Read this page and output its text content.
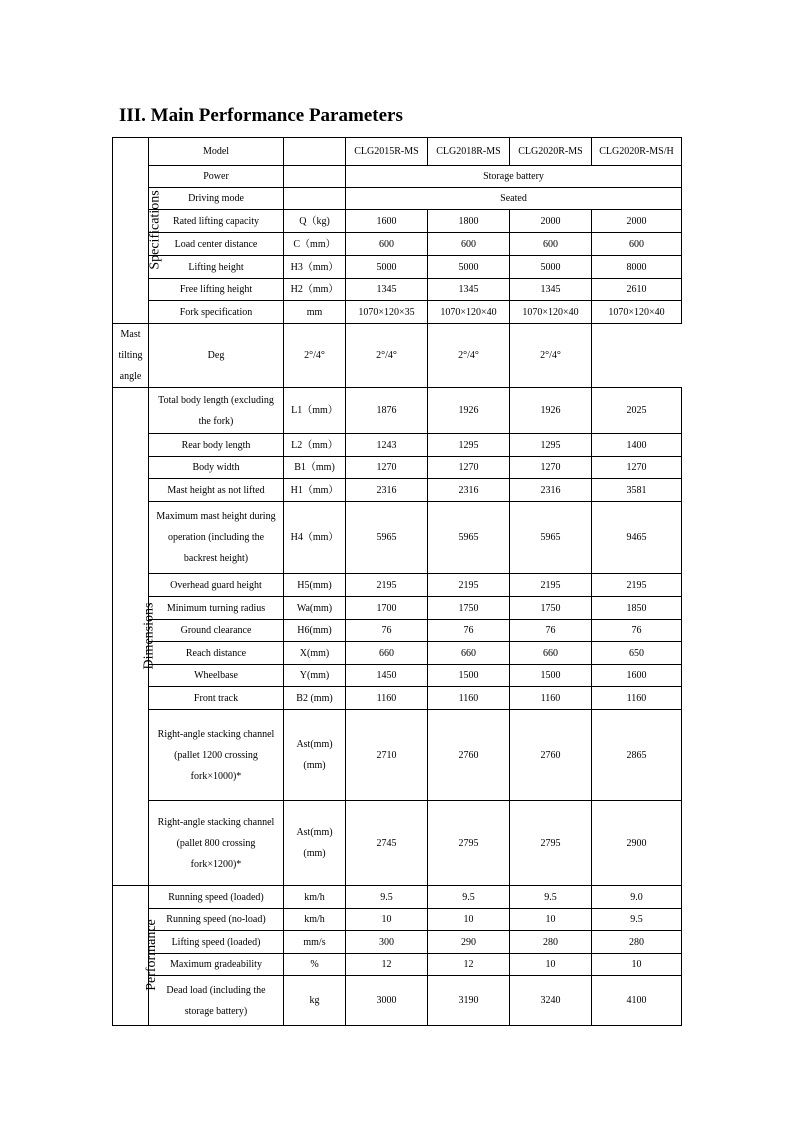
III. Main Performance Parameters
Specifications	Model		CLG2015R-MS	CLG2018R-MS	CLG2020R-MS	CLG2020R-MS/H
	Power		Storage battery			
	Driving mode		Seated			
	Rated lifting capacity	Q（kg)	1600	1800	2000	2000
	Load center distance	C（mm）	600	600	600	600
	Lifting height	H3（mm）	5000	5000	5000	8000
	Free lifting height	H2（mm）	1345	1345	1345	2610
	Fork specification	mm	1070×120×35	1070×120×40	1070×120×40	1070×120×40
Mast tilting angle	Deg	2°/4°	2°/4°	2°/4°	2°/4°	
Dimensions	Total body length (excluding the fork)	L1（mm）	1876	1926	1926	2025
	Rear body length	L2（mm）	1243	1295	1295	1400
	Body width	B1（mm)	1270	1270	1270	1270
	Mast height as not lifted	H1（mm）	2316	2316	2316	3581
	Maximum mast height during operation (including the backrest height)	H4（mm）	5965	5965	5965	9465
	Overhead guard height	H5(mm)	2195	2195	2195	2195
	Minimum turning radius	Wa(mm)	1700	1750	1750	1850
	Ground clearance	H6(mm)	76	76	76	76
	Reach distance	X(mm)	660	660	660	650
	Wheelbase	Y(mm)	1450	1500	1500	1600
	Front track	B2 (mm)	1160	1160	1160	1160
	Right-angle stacking channel (pallet 1200 crossing fork×1000)*	Ast(mm) (mm)	2710	2760	2760	2865
	Right-angle stacking channel (pallet 800 crossing fork×1200)*	Ast(mm) (mm)	2745	2795	2795	2900
Performance	Running speed (loaded)	km/h	9.5	9.5	9.5	9.0
	Running speed (no-load)	km/h	10	10	10	9.5
	Lifting speed (loaded)	mm/s	300	290	280	280
	Maximum gradeability	%	12	12	10	10
	Dead load (including the storage battery)	kg	3000	3190	3240	4100
